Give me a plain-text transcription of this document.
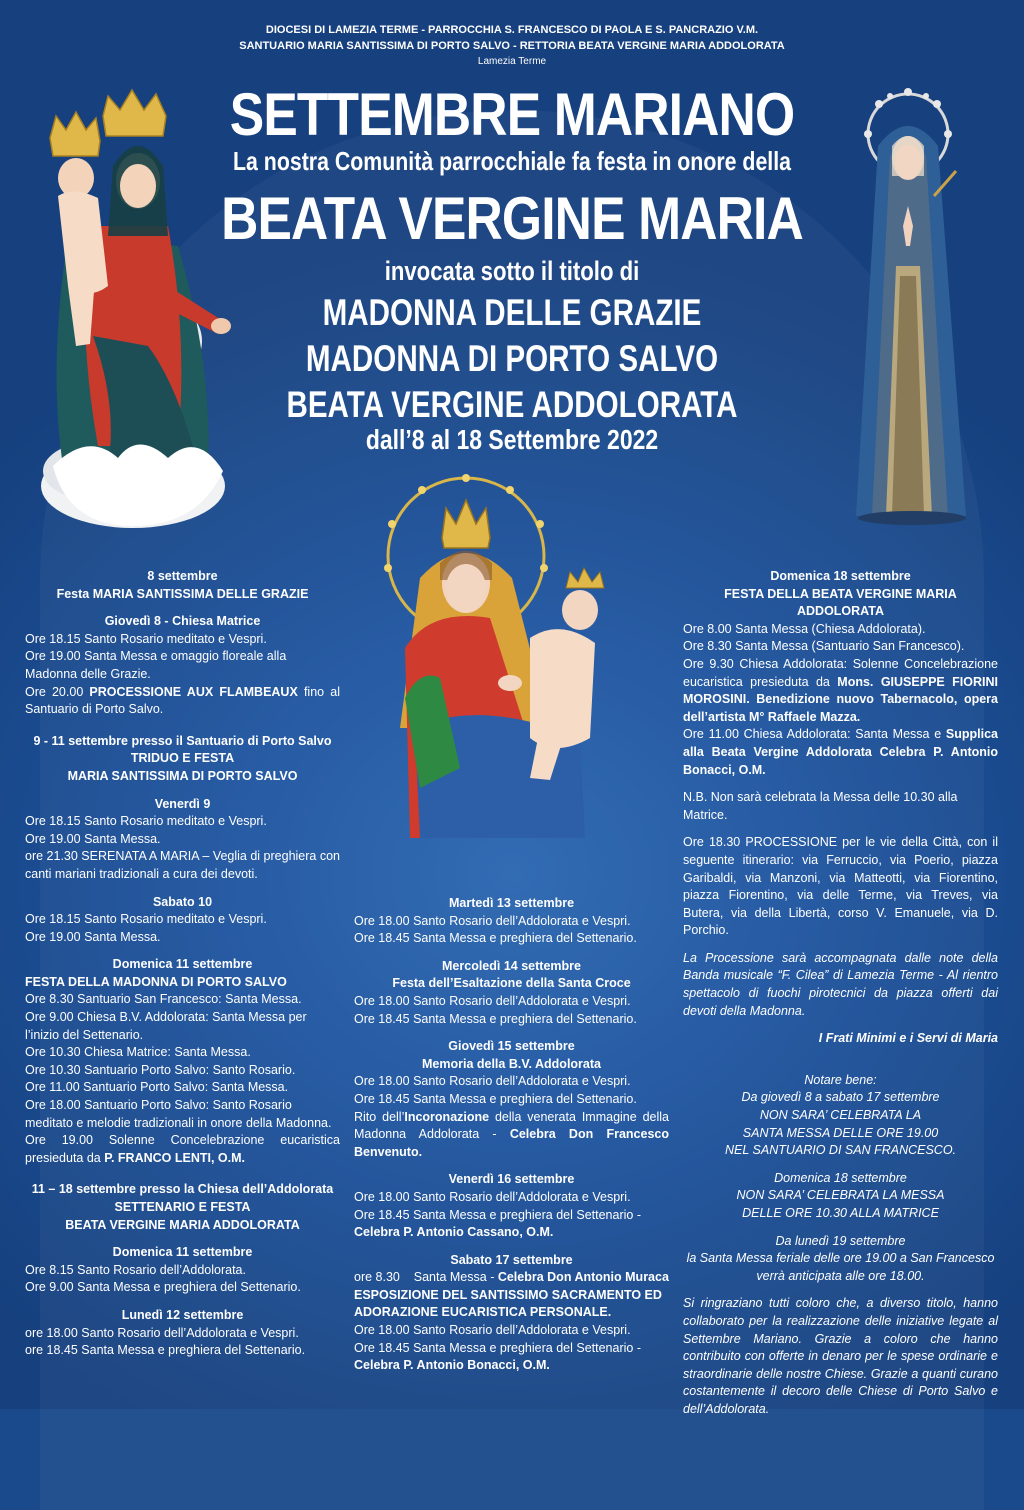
DIOCESI DI LAMEZIA TERME - PARROCCHIA S. FRANCESCO DI PAOLA E S. PANCRAZIO V.M.
SANTUARIO MARIA SANTISSIMA DI PORTO SALVO - RETTORIA BEATA VERGINE MARIA ADDOLORATA
Lamezia Terme
SETTEMBRE MARIANO
La nostra Comunità parrocchiale fa festa in onore della
BEATA VERGINE MARIA
invocata sotto il titolo di
MADONNA DELLE GRAZIE
MADONNA DI PORTO SALVO
BEATA VERGINE ADDOLORATA
dall’8 al 18 Settembre 2022

8 settembre

Festa MARIA SANTISSIMA DELLE GRAZIE

Giovedì 8 - Chiesa Matrice

Ore 18.15 Santo Rosario meditato e Vespri.

Ore 19.00 Santa Messa e omaggio floreale alla Madonna delle Grazie.

Ore 20.00 PROCESSIONE AUX FLAMBEAUX fino al Santuario di Porto Salvo.

9 - 11 settembre presso il Santuario di Porto Salvo

TRIDUO E FESTA

MARIA SANTISSIMA DI PORTO SALVO

Venerdì 9

Ore 18.15 Santo Rosario meditato e Vespri.

Ore 19.00 Santa Messa.

ore 21.30 SERENATA A MARIA – Veglia di preghiera con canti mariani tradizionali a cura dei devoti.

Sabato 10

Ore 18.15 Santo Rosario meditato e Vespri.

Ore 19.00 Santa Messa.

Domenica 11 settembre

FESTA DELLA MADONNA DI PORTO SALVO

Ore 8.30 Santuario San Francesco: Santa Messa.

Ore 9.00 Chiesa B.V. Addolorata: Santa Messa per l’inizio del Settenario.

Ore 10.30 Chiesa Matrice: Santa Messa.

Ore 10.30 Santuario Porto Salvo: Santo Rosario.

Ore 11.00 Santuario Porto Salvo: Santa Messa.

Ore 18.00 Santuario Porto Salvo: Santo Rosario meditato e melodie tradizionali in onore della Madonna.

Ore 19.00 Solenne Concelebrazione eucaristica presieduta da P. FRANCO LENTI, O.M.

11 – 18 settembre presso la Chiesa dell’Addolorata

SETTENARIO E FESTA

BEATA VERGINE MARIA ADDOLORATA

Domenica 11 settembre

Ore 8.15 Santo Rosario dell’Addolorata.

Ore 9.00 Santa Messa e preghiera del Settenario.

Lunedì 12 settembre

ore 18.00 Santo Rosario dell’Addolorata e Vespri.

ore 18.45 Santa Messa e preghiera del Settenario.

Martedì 13 settembre

Ore 18.00 Santo Rosario dell’Addolorata e Vespri.

Ore 18.45 Santa Messa e preghiera del Settenario.

Mercoledì 14 settembre

Festa dell’Esaltazione della Santa Croce

Ore 18.00 Santo Rosario dell’Addolorata e Vespri.

Ore 18.45 Santa Messa e preghiera del Settenario.

Giovedì 15 settembre

Memoria della B.V. Addolorata

Ore 18.00 Santo Rosario dell’Addolorata e Vespri.

Ore 18.45 Santa Messa e preghiera del Settenario.

Rito dell’Incoronazione della venerata Immagine della Madonna Addolorata - Celebra Don Francesco Benvenuto.

Venerdì 16 settembre

Ore 18.00 Santo Rosario dell’Addolorata e Vespri.

Ore 18.45 Santa Messa e preghiera del Settenario -

Celebra P. Antonio Cassano, O.M.

Sabato 17 settembre

ore 8.30    Santa Messa - Celebra Don Antonio Muraca

ESPOSIZIONE DEL SANTISSIMO SACRAMENTO ED ADORAZIONE EUCARISTICA PERSONALE.

Ore 18.00 Santo Rosario dell’Addolorata e Vespri.

Ore 18.45 Santa Messa e preghiera del Settenario -

Celebra P. Antonio Bonacci, O.M.

Domenica 18 settembre

FESTA DELLA BEATA VERGINE MARIA ADDOLORATA

Ore 8.00 Santa Messa (Chiesa Addolorata).

Ore 8.30 Santa Messa (Santuario San Francesco).

Ore 9.30 Chiesa Addolorata: Solenne Concelebrazione eucaristica presieduta da Mons. GIUSEPPE FIORINI MOROSINI. Benedizione nuovo Tabernacolo, opera dell’artista M° Raffaele Mazza.

Ore 11.00 Chiesa Addolorata: Santa Messa e Supplica alla Beata Vergine Addolorata Celebra P. Antonio Bonacci, O.M.

N.B. Non sarà celebrata la Messa delle 10.30 alla Matrice.

Ore 18.30 PROCESSIONE per le vie della Città, con il seguente itinerario: via Ferruccio, via Poerio, piazza Garibaldi, via Manzoni, via Matteotti, via Fiorentino, piazza Fiorentino, via delle Terme, via Treves, via Butera, via della Libertà, corso V. Emanuele, via D. Porchio.

La Processione sarà accompagnata dalle note della Banda musicale “F. Cilea” di Lamezia Terme - Al rientro spettacolo di fuochi pirotecnici da piazza offerti dai devoti della Madonna.

I Frati Minimi e i Servi di Maria

Notare bene:

Da giovedì 8 a sabato 17 settembre

NON SARA’ CELEBRATA LA

SANTA MESSA DELLE ORE 19.00

NEL SANTUARIO DI SAN FRANCESCO.

Domenica 18 settembre

NON SARA’ CELEBRATA LA MESSA

DELLE ORE 10.30 ALLA MATRICE

Da lunedì 19 settembre

la Santa Messa feriale delle ore 19.00 a San Francesco

verrà anticipata alle ore 18.00.

Si ringraziano tutti coloro che, a diverso titolo, hanno collaborato per la realizzazione delle iniziative legate al Settembre Mariano. Grazie a coloro che hanno contribuito con offerte in denaro per le spese ordinarie e straordinarie delle nostre Chiese. Grazie a quanti curano costantemente il decoro delle Chiese di Porto Salvo e dell’Addolorata.
